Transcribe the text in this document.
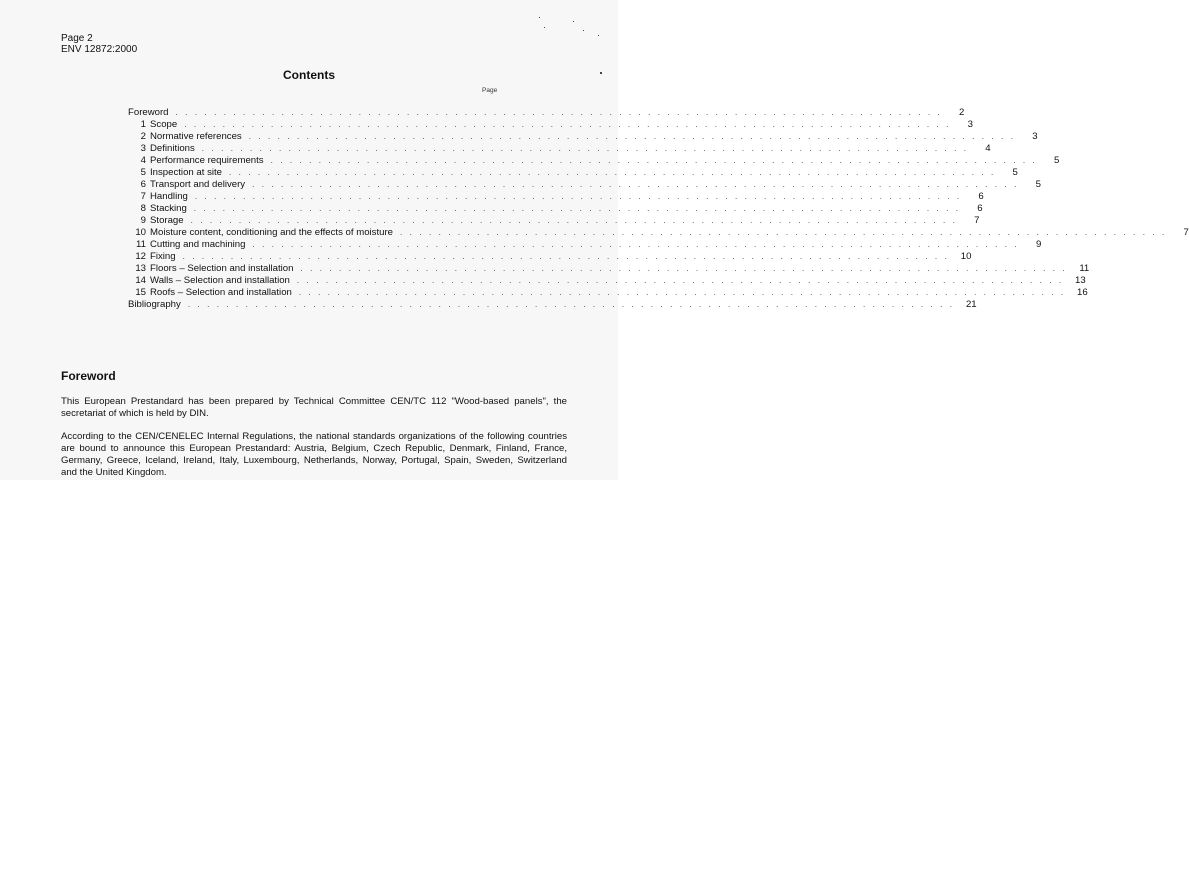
Page 2
ENV 12872:2000
Contents
Page
Foreword . . . . . . . . . . . . . . . . . . . . . . . . . . . . . . . . . . . . . . . . . . . . . . . . . . . . . . . . . . . . . . . . . . . . . . . . . . . . . . . .	2
1 Scope . . . . . . . . . . . . . . . . . . . . . . . . . . . . . . . . . . . . . . . . . . . . . . . . . . . . . . . . . . . . . . . . . . . . . . . . . . . . . . . .	3
2 Normative references . . . . . . . . . . . . . . . . . . . . . . . . . . . . . . . . . . . . . . . . . . . . . . . . . . . . . . . . . . . . . . . . . . . . . . . . . . . . . . . .	3
3 Definitions . . . . . . . . . . . . . . . . . . . . . . . . . . . . . . . . . . . . . . . . . . . . . . . . . . . . . . . . . . . . . . . . . . . . . . . . . . . . . . . .	4
4 Performance requirements . . . . . . . . . . . . . . . . . . . . . . . . . . . . . . . . . . . . . . . . . . . . . . . . . . . . . . . . . . . . . . . . . . . . . . . . . . . . . . . .	5
5 Inspection at site . . . . . . . . . . . . . . . . . . . . . . . . . . . . . . . . . . . . . . . . . . . . . . . . . . . . . . . . . . . . . . . . . . . . . . . . . . . . . . . .	5
6 Transport and delivery . . . . . . . . . . . . . . . . . . . . . . . . . . . . . . . . . . . . . . . . . . . . . . . . . . . . . . . . . . . . . . . . . . . . . . . . . . . . . . . .	5
7 Handling . . . . . . . . . . . . . . . . . . . . . . . . . . . . . . . . . . . . . . . . . . . . . . . . . . . . . . . . . . . . . . . . . . . . . . . . . . . . . . . .	6
8 Stacking . . . . . . . . . . . . . . . . . . . . . . . . . . . . . . . . . . . . . . . . . . . . . . . . . . . . . . . . . . . . . . . . . . . . . . . . . . . . . . . .	6
9 Storage . . . . . . . . . . . . . . . . . . . . . . . . . . . . . . . . . . . . . . . . . . . . . . . . . . . . . . . . . . . . . . . . . . . . . . . . . . . . . . . .	7
10 Moisture content, conditioning and the effects of moisture . . . . . . . . . . . . . . . . . . . . . . . . . . . . . . . . . . . . . . . . . . . . . . . . . . . . . . . . . . . . . . . . . . . . . . . . . . . . . . . .	7
11 Cutting and machining . . . . . . . . . . . . . . . . . . . . . . . . . . . . . . . . . . . . . . . . . . . . . . . . . . . . . . . . . . . . . . . . . . . . . . . . . . . . . . . .	9
12 Fixing . . . . . . . . . . . . . . . . . . . . . . . . . . . . . . . . . . . . . . . . . . . . . . . . . . . . . . . . . . . . . . . . . . . . . . . . . . . . . . . .	10
13 Floors – Selection and installation . . . . . . . . . . . . . . . . . . . . . . . . . . . . . . . . . . . . . . . . . . . . . . . . . . . . . . . . . . . . . . . . . . . . . . . . . . . . . . . .	11
14 Walls – Selection and installation . . . . . . . . . . . . . . . . . . . . . . . . . . . . . . . . . . . . . . . . . . . . . . . . . . . . . . . . . . . . . . . . . . . . . . . . . . . . . . . .	13
15 Roofs – Selection and installation . . . . . . . . . . . . . . . . . . . . . . . . . . . . . . . . . . . . . . . . . . . . . . . . . . . . . . . . . . . . . . . . . . . . . . . . . . . . . . . .	16
Bibliography . . . . . . . . . . . . . . . . . . . . . . . . . . . . . . . . . . . . . . . . . . . . . . . . . . . . . . . . . . . . . . . . . . . . . . . . . . . . . . . .	21
Foreword
This European Prestandard has been prepared by Technical Committee CEN/TC 112 "Wood-based panels", the secretariat of which is held by DIN.
According to the CEN/CENELEC Internal Regulations, the national standards organizations of the following countries are bound to announce this European Prestandard: Austria, Belgium, Czech Republic, Denmark, Finland, France, Germany, Greece, Iceland, Ireland, Italy, Luxembourg, Netherlands, Norway, Portugal, Spain, Sweden, Switzerland and the United Kingdom.
